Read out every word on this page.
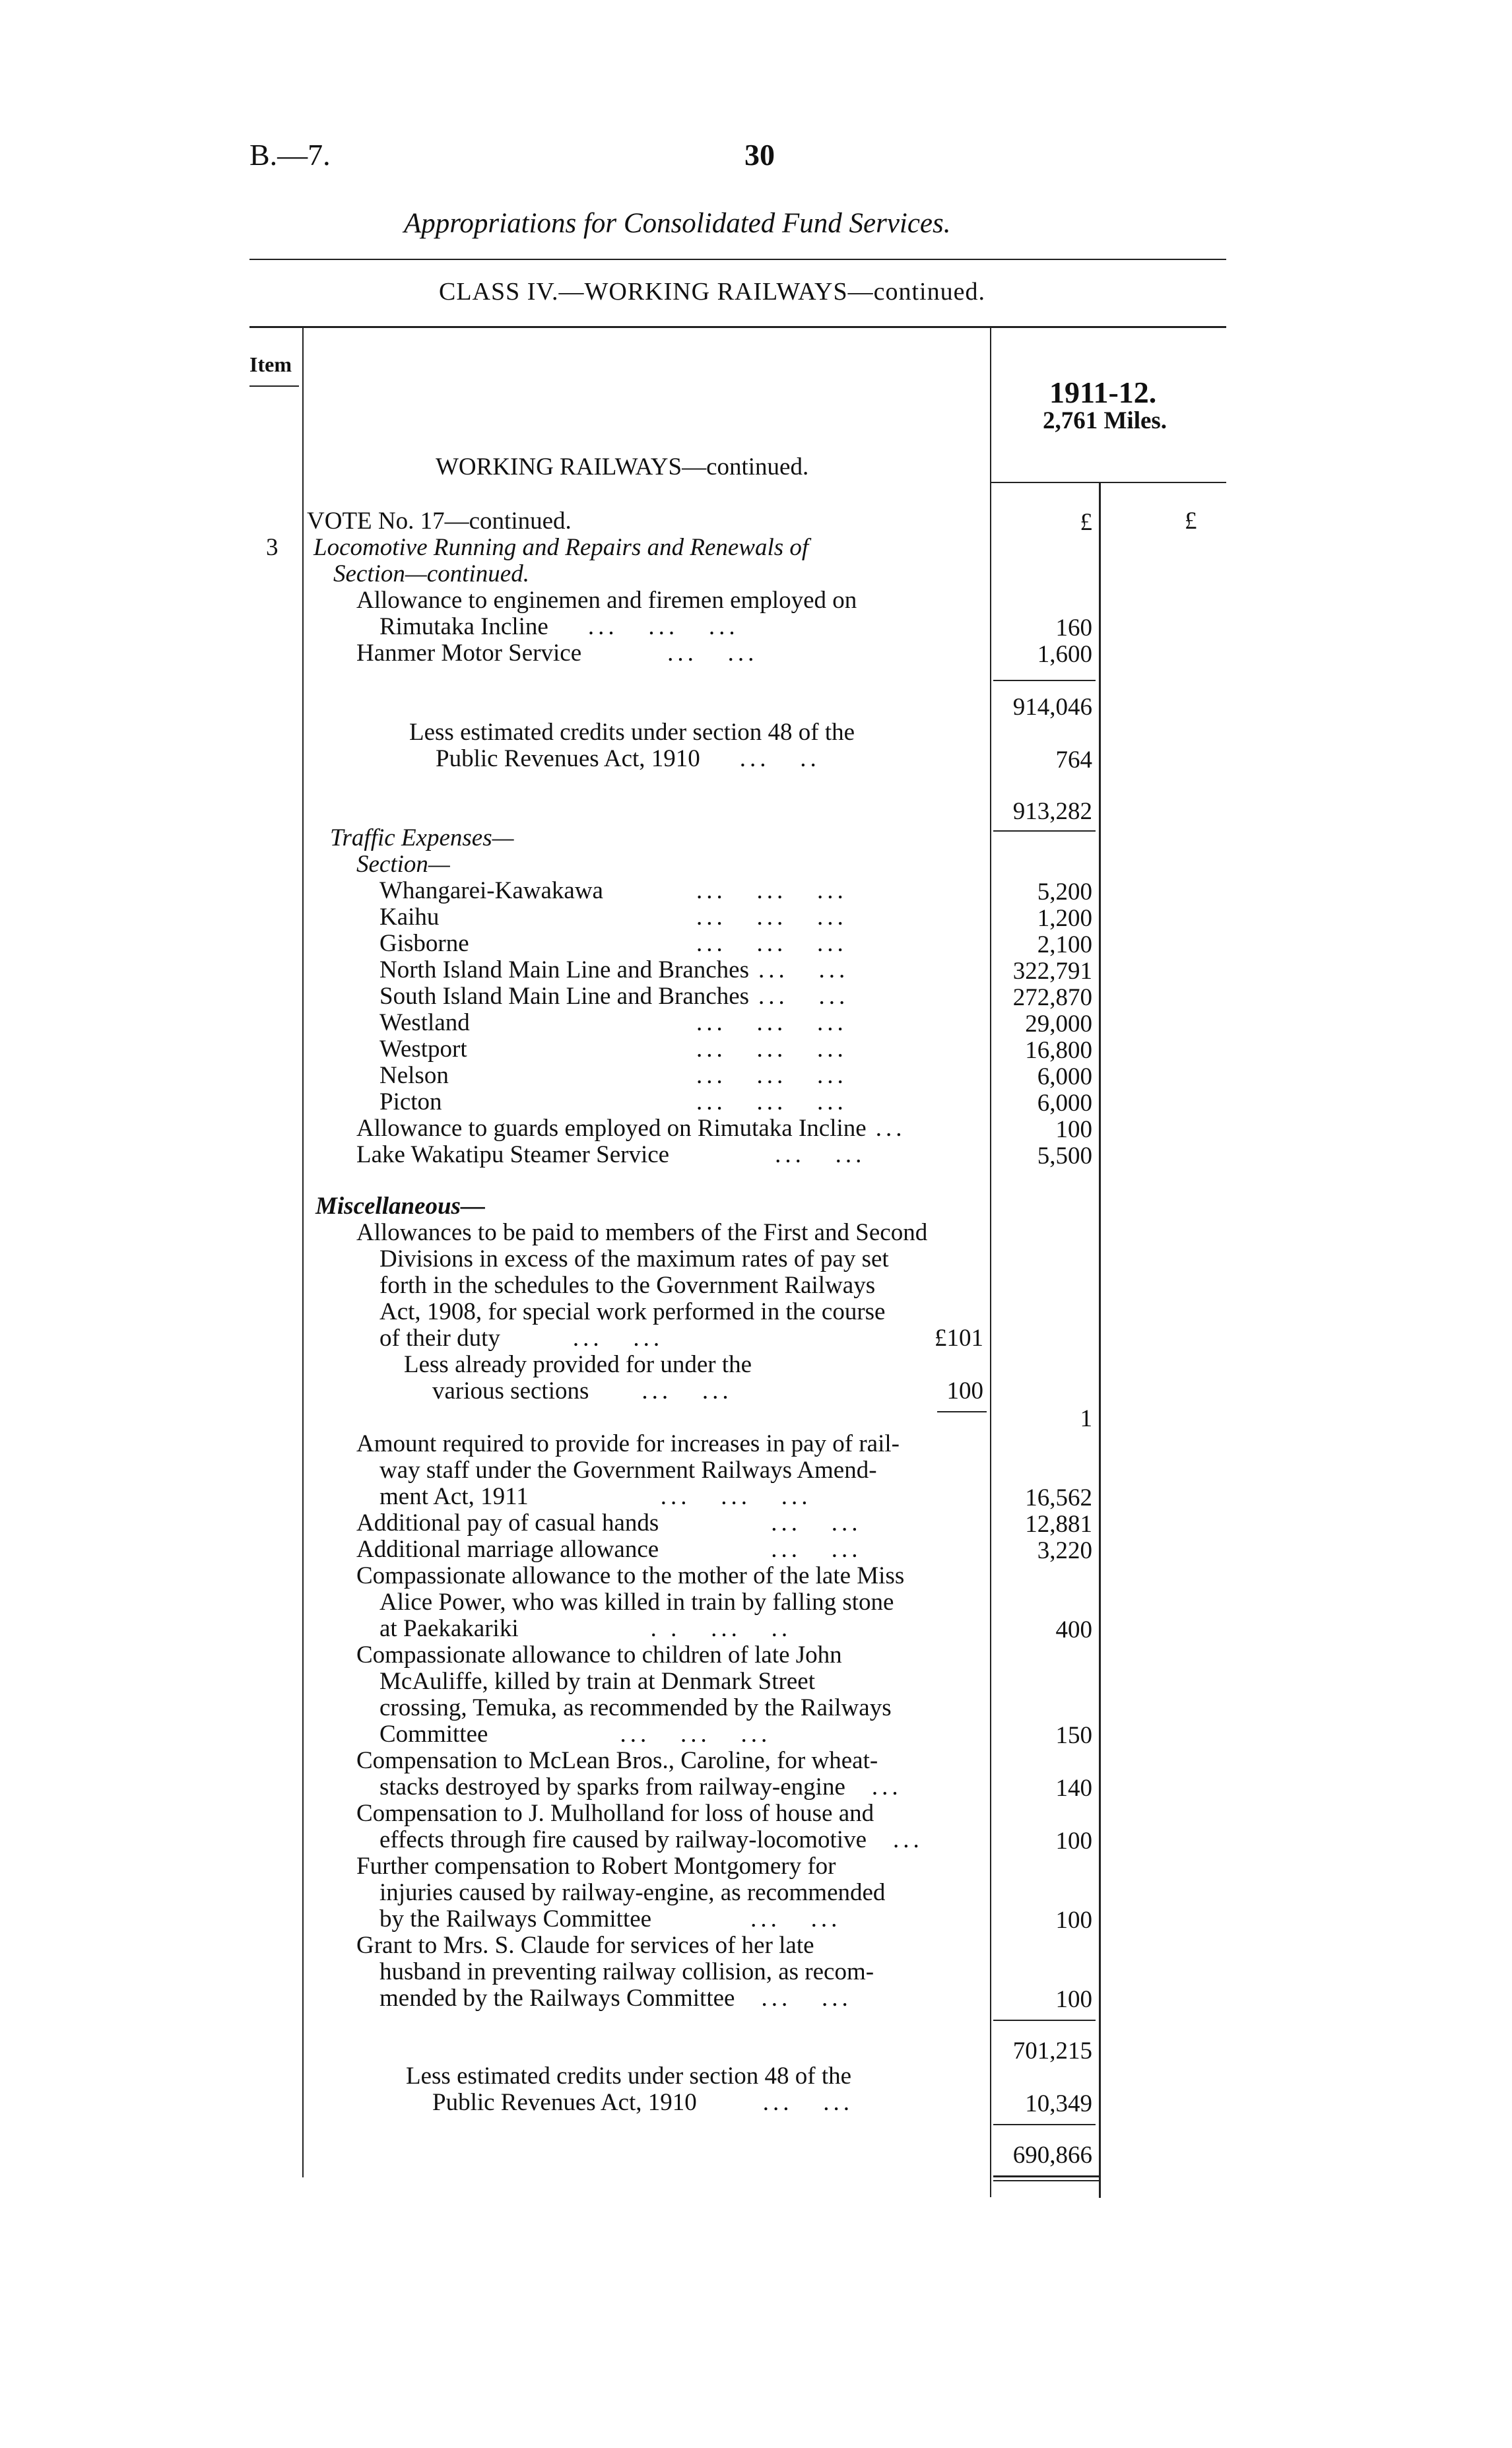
B.—7.	30
Appropriations for Consolidated Fund Services.
CLASS IV.—WORKING RAILWAYS—continued.
Item
1911-12.
2,761 Miles.
WORKING RAILWAYS—continued.
£	£
VOTE No. 17—continued.
3 Locomotive Running and Repairs and Renewals of
Section—continued.
Allowance to enginemen and firemen employed on
Rimutaka Incline ...   ...   ...	160
Hanmer Motor Service	...   ...	1,600
914,046
Less estimated credits under section 48 of the
Public Revenues Act, 1910 ...   ..	764
913,282
Traffic Expenses—
Section—
Whangarei-Kawakawa	...   ...   ...	5,200
Kaihu	...   ...   ...	1,200
Gisborne	...   ...   ...	2,100
North Island Main Line and Branches ...   ...	322,791
South Island Main Line and Branches ...   ...	272,870
Westland	...   ...   ...	29,000
Westport	...   ...   ...	16,800
Nelson	...   ...   ...	6,000
Picton	...   ...   ...	6,000
Allowance to guards employed on Rimutaka Incline ...	100
Lake Wakatipu Steamer Service	...   ...	5,500
Miscellaneous—
Allowances to be paid to members of the First and Second
Divisions in excess of the maximum rates of pay set
forth in the schedules to the Government Railways
Act, 1908, for special work performed in the course
of their duty	...   ...	£101
Less already provided for under the
various sections ...   ...	100
1
Amount required to provide for increases in pay of rail-
way staff under the Government Railways Amend-
ment Act, 1911	...   ...   ...	16,562
Additional pay of casual hands	...   ...	12,881
Additional marriage allowance	...   ...	3,220
Compassionate allowance to the mother of the late Miss
Alice Power, who was killed in train by falling stone
at Paekakariki	. .   ...   ..	400
Compassionate allowance to children of late John
McAuliffe, killed by train at Denmark Street
crossing, Temuka, as recommended by the Railways
Committee	...   ...   ...	150
Compensation to McLean Bros., Caroline, for wheat-
stacks destroyed by sparks from railway-engine ...	140
Compensation to J. Mulholland for loss of house and
effects through fire caused by railway-locomotive ...	100
Further compensation to Robert Montgomery for
injuries caused by railway-engine, as recommended
by the Railways Committee	...   ...	100
Grant to Mrs. S. Claude for services of her late
husband in preventing railway collision, as recom-
mended by the Railways Committee ...   ...	100
701,215
Less estimated credits under section 48 of the
Public Revenues Act, 1910	...   ...	10,349
690,866
